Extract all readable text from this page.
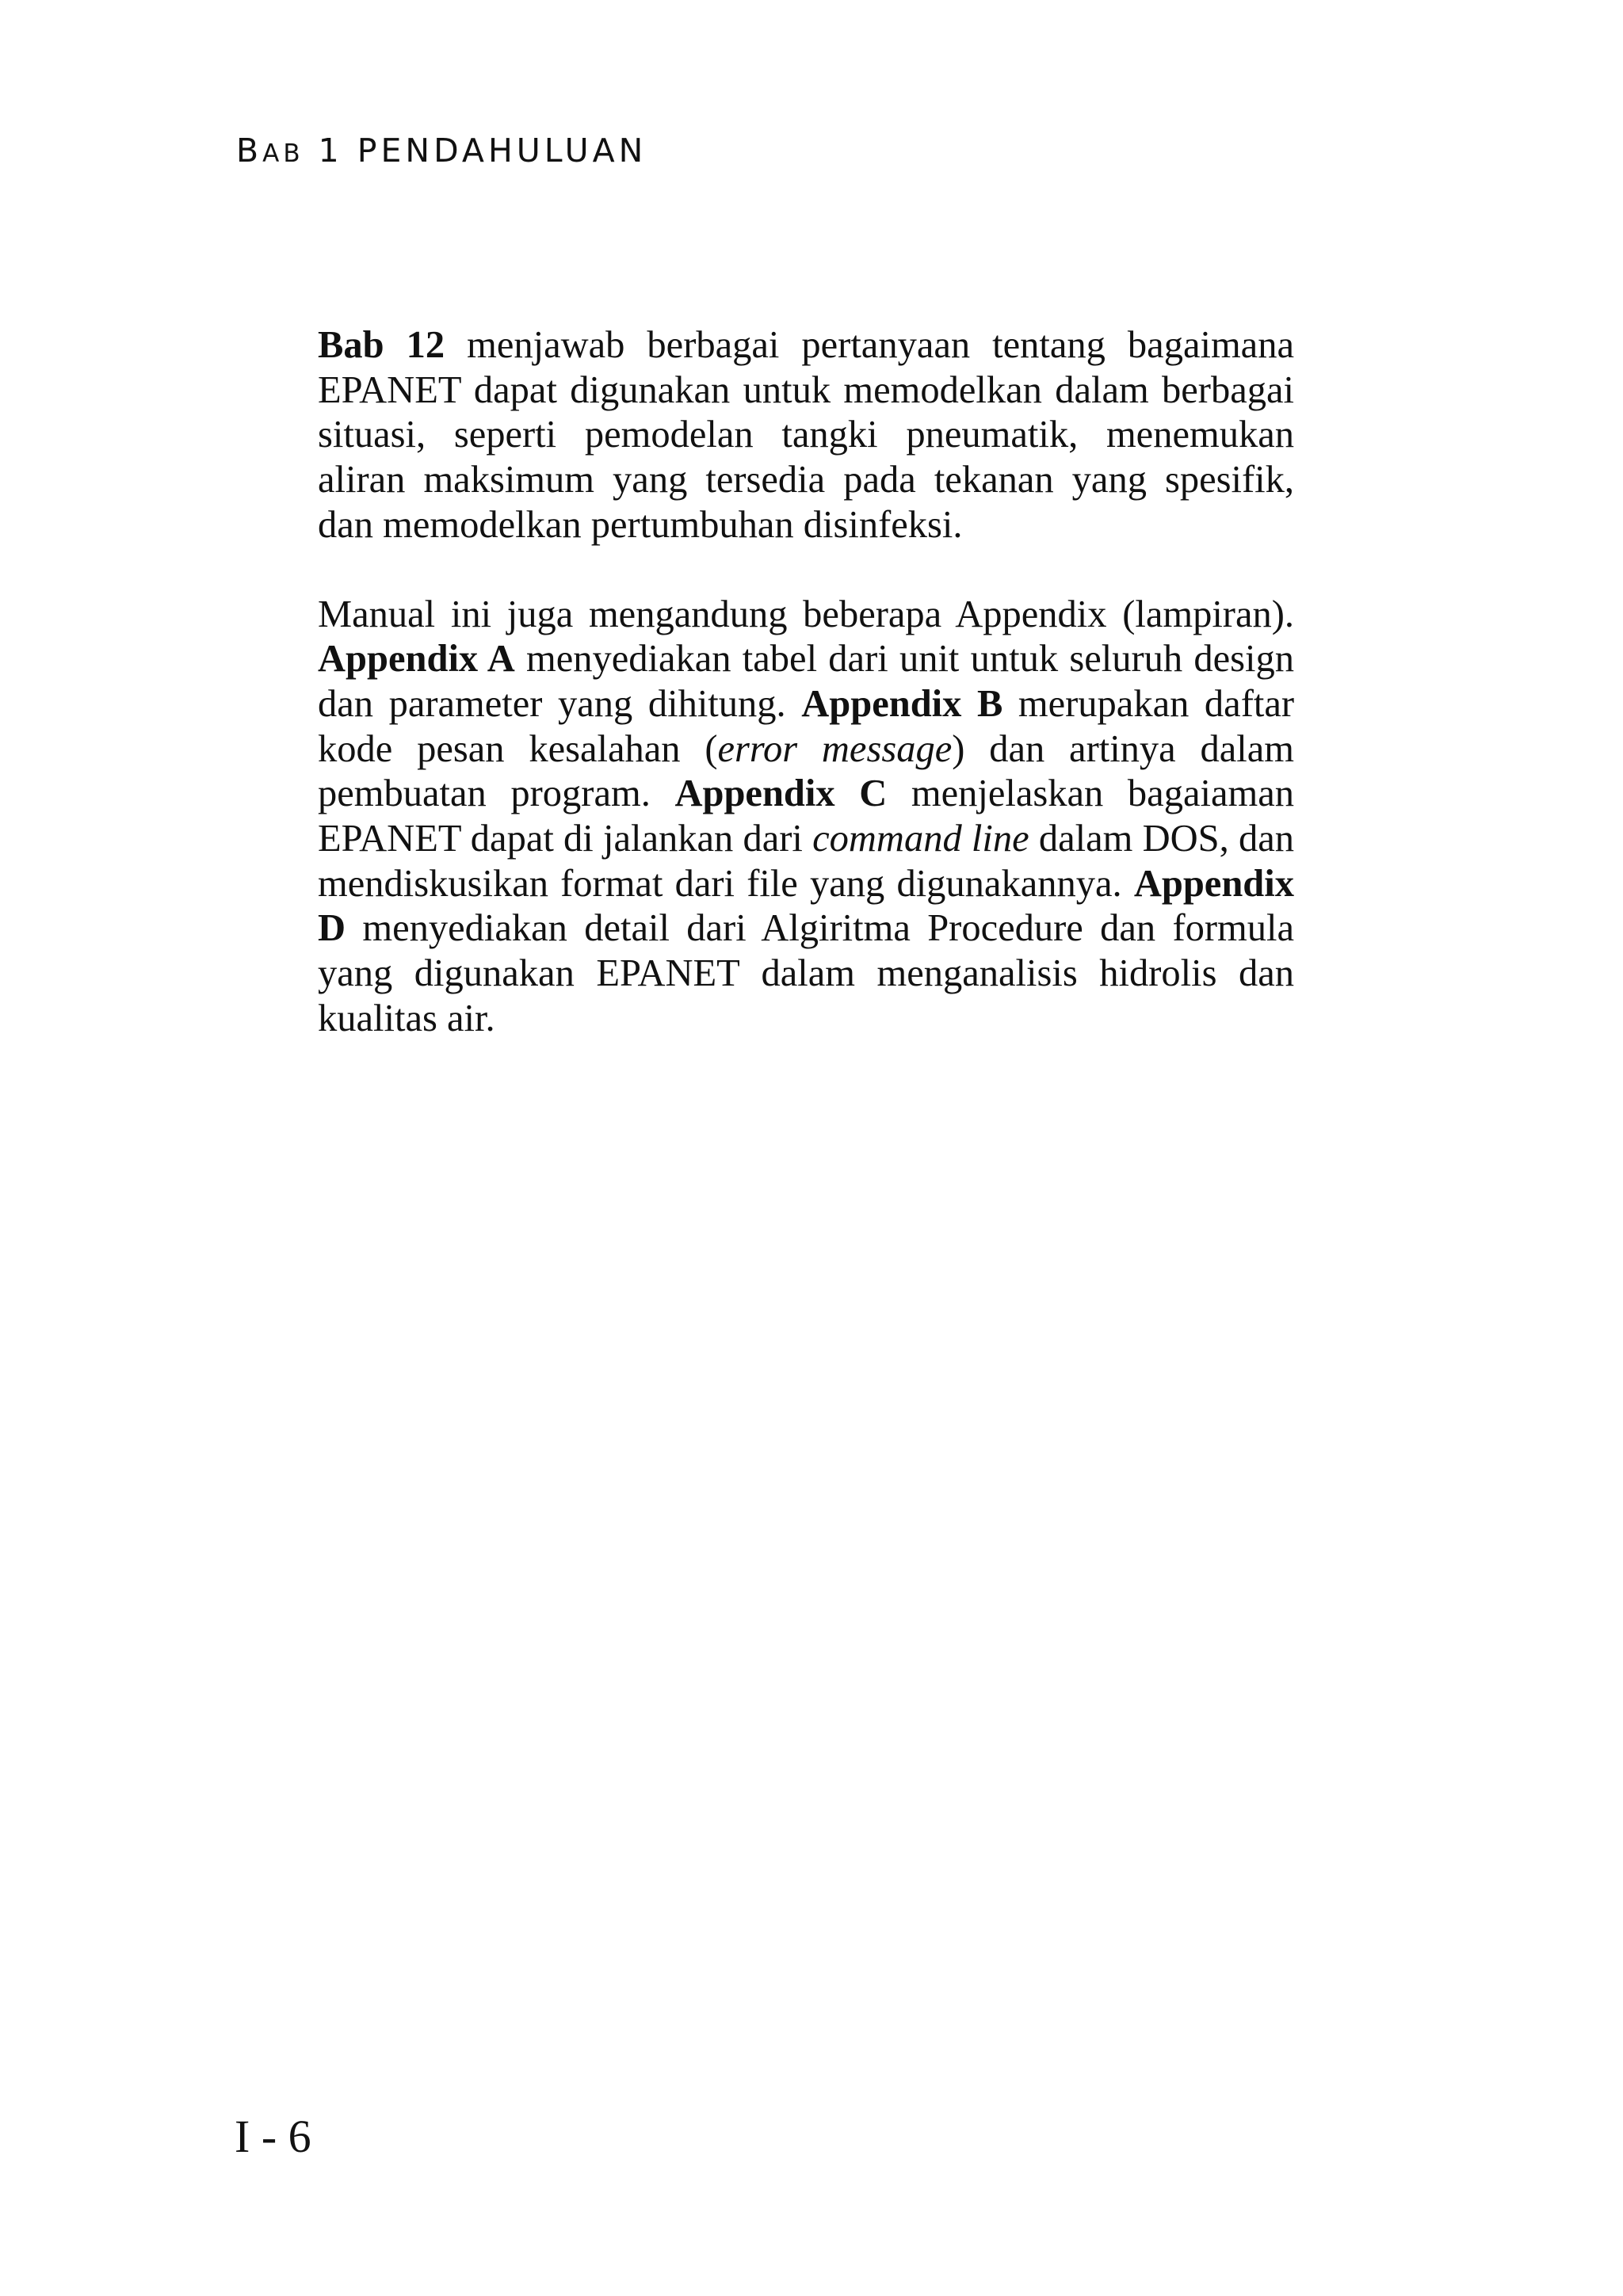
BAB 1 PENDAHULUAN

Bab 12 menjawab berbagai pertanyaan tentang bagaimana EPANET dapat digunakan untuk memodelkan dalam berbagai situasi, seperti pemodelan tangki pneumatik, menemukan aliran maksimum yang tersedia pada tekanan yang spesifik, dan memodelkan pertumbuhan disinfeksi.

Manual ini juga mengandung beberapa Appendix (lampiran). Appendix A menyediakan tabel dari unit untuk seluruh design dan parameter yang dihitung. Appendix B merupakan daftar kode pesan kesalahan (error message) dan artinya dalam pembuatan program. Appendix C menjelaskan bagaiaman EPANET dapat di jalankan dari command line dalam DOS, dan mendiskusikan format dari file yang digunakannya. Appendix D menyediakan detail dari Algiritma Procedure dan formula yang digunakan EPANET dalam menganalisis hidrolis dan kualitas air.

I - 6
